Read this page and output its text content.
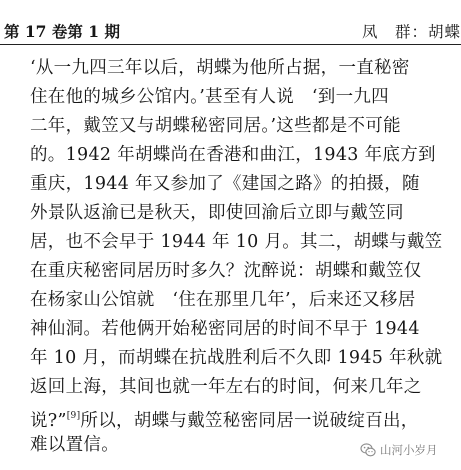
第 17 卷第 1 期	凤　群：胡蝶
‘从一九四三年以后，胡蝶为他所占据，一直秘密
住在他的城乡公馆内。’甚至有人说　‘到一九四
二年，戴笠又与胡蝶秘密同居。’这些都是不可能
的。1942 年胡蝶尚在香港和曲江，1943 年底方到
重庆，1944 年又参加了《建国之路》的拍摄，随
外景队返渝已是秋天，即使回渝后立即与戴笠同
居，也不会早于 1944 年 10 月。其二，胡蝶与戴笠
在重庆秘密同居历时多久？沈醉说：胡蝶和戴笠仅
在杨家山公馆就　‘住在那里几年’，后来还又移居
神仙洞。若他俩开始秘密同居的时间不早于 1944
年 10 月，而胡蝶在抗战胜利后不久即 1945 年秋就
返回上海，其间也就一年左右的时间，何来几年之
说?”[9]所以，胡蝶与戴笠秘密同居一说破绽百出，
难以置信。	山河小岁月
